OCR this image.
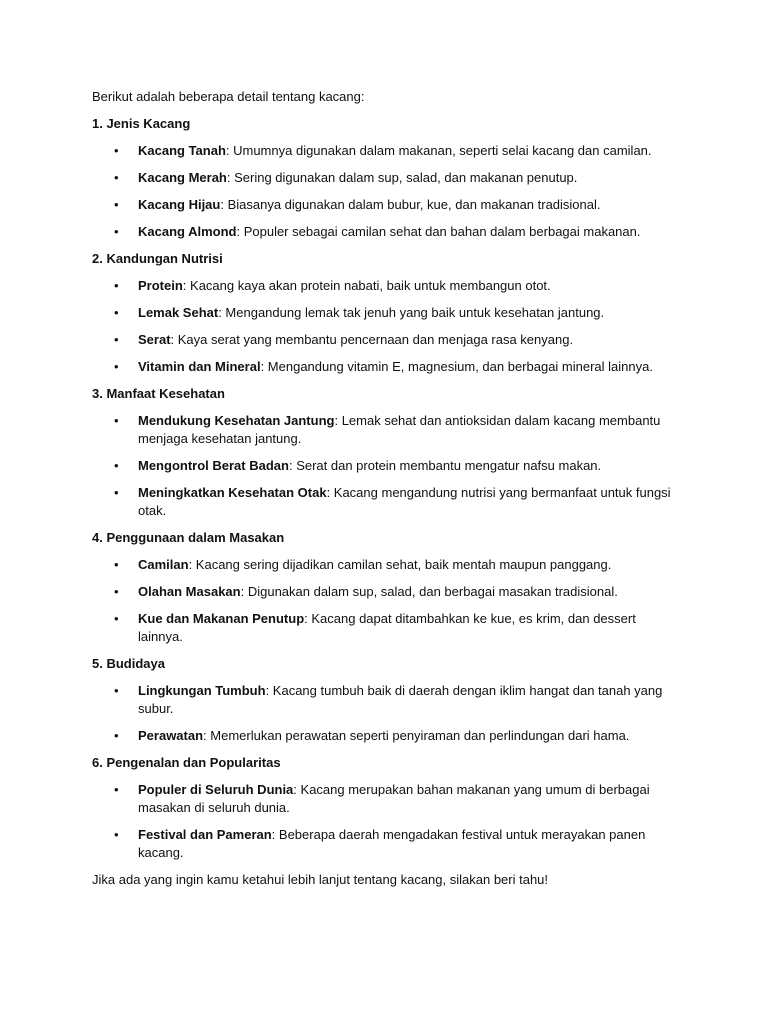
Berikut adalah beberapa detail tentang kacang:

1. Jenis Kacang

• Kacang Tanah: Umumnya digunakan dalam makanan, seperti selai kacang dan camilan.
• Kacang Merah: Sering digunakan dalam sup, salad, dan makanan penutup.
• Kacang Hijau: Biasanya digunakan dalam bubur, kue, dan makanan tradisional.
• Kacang Almond: Populer sebagai camilan sehat dan bahan dalam berbagai makanan.

2. Kandungan Nutrisi

• Protein: Kacang kaya akan protein nabati, baik untuk membangun otot.
• Lemak Sehat: Mengandung lemak tak jenuh yang baik untuk kesehatan jantung.
• Serat: Kaya serat yang membantu pencernaan dan menjaga rasa kenyang.
• Vitamin dan Mineral: Mengandung vitamin E, magnesium, dan berbagai mineral lainnya.

3. Manfaat Kesehatan

• Mendukung Kesehatan Jantung: Lemak sehat dan antioksidan dalam kacang membantu menjaga kesehatan jantung.
• Mengontrol Berat Badan: Serat dan protein membantu mengatur nafsu makan.
• Meningkatkan Kesehatan Otak: Kacang mengandung nutrisi yang bermanfaat untuk fungsi otak.

4. Penggunaan dalam Masakan

• Camilan: Kacang sering dijadikan camilan sehat, baik mentah maupun panggang.
• Olahan Masakan: Digunakan dalam sup, salad, dan berbagai masakan tradisional.
• Kue dan Makanan Penutup: Kacang dapat ditambahkan ke kue, es krim, dan dessert lainnya.

5. Budidaya

• Lingkungan Tumbuh: Kacang tumbuh baik di daerah dengan iklim hangat dan tanah yang subur.
• Perawatan: Memerlukan perawatan seperti penyiraman dan perlindungan dari hama.

6. Pengenalan dan Popularitas

• Populer di Seluruh Dunia: Kacang merupakan bahan makanan yang umum di berbagai masakan di seluruh dunia.
• Festival dan Pameran: Beberapa daerah mengadakan festival untuk merayakan panen kacang.

Jika ada yang ingin kamu ketahui lebih lanjut tentang kacang, silakan beri tahu!
